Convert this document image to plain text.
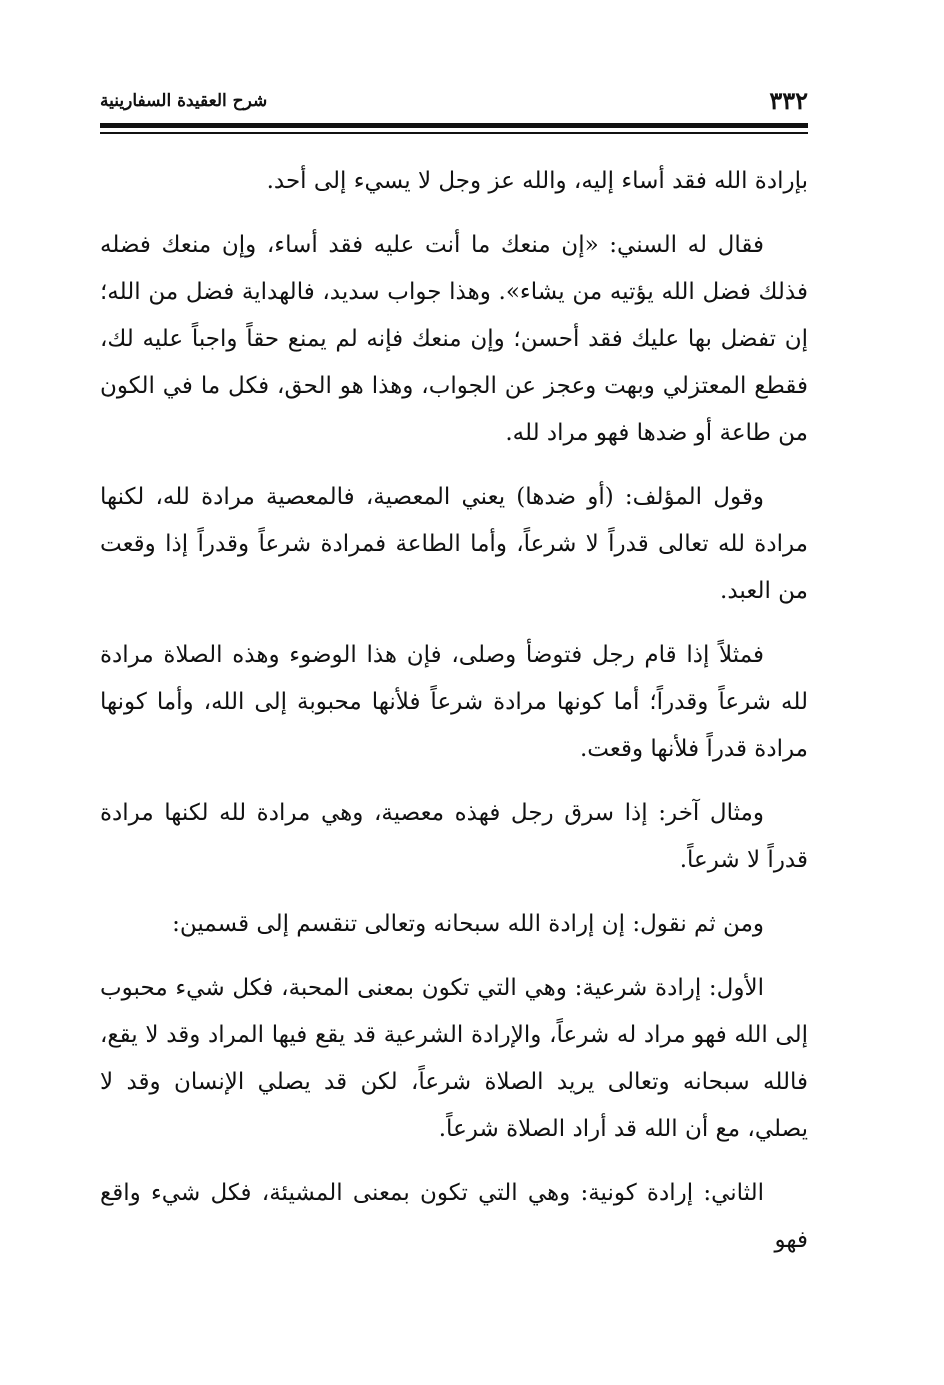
٣٣٢
شرح العقيدة السفارينية

بإرادة الله فقد أساء إليه، والله عز وجل لا يسيء إلى أحد.

فقال له السني: «إن منعك ما أنت عليه فقد أساء، وإن منعك فضله فذلك فضل الله يؤتيه من يشاء». وهذا جواب سديد، فالهداية فضل من الله؛ إن تفضل بها عليك فقد أحسن؛ وإن منعك فإنه لم يمنع حقاً واجباً عليه لك، فقطع المعتزلي وبهت وعجز عن الجواب، وهذا هو الحق، فكل ما في الكون من طاعة أو ضدها فهو مراد لله.

وقول المؤلف: (أو ضدها) يعني المعصية، فالمعصية مرادة لله، لكنها مرادة لله تعالى قدراً لا شرعاً، وأما الطاعة فمرادة شرعاً وقدراً إذا وقعت من العبد.

فمثلاً إذا قام رجل فتوضأ وصلى، فإن هذا الوضوء وهذه الصلاة مرادة لله شرعاً وقدراً؛ أما كونها مرادة شرعاً فلأنها محبوبة إلى الله، وأما كونها مرادة قدراً فلأنها وقعت.

ومثال آخر: إذا سرق رجل فهذه معصية، وهي مرادة لله لكنها مرادة قدراً لا شرعاً.

ومن ثم نقول: إن إرادة الله سبحانه وتعالى تنقسم إلى قسمين:

الأول: إرادة شرعية: وهي التي تكون بمعنى المحبة، فكل شيء محبوب إلى الله فهو مراد له شرعاً، والإرادة الشرعية قد يقع فيها المراد وقد لا يقع، فالله سبحانه وتعالى يريد الصلاة شرعاً، لكن قد يصلي الإنسان وقد لا يصلي، مع أن الله قد أراد الصلاة شرعاً.

الثاني: إرادة كونية: وهي التي تكون بمعنى المشيئة، فكل شيء واقع فهو
